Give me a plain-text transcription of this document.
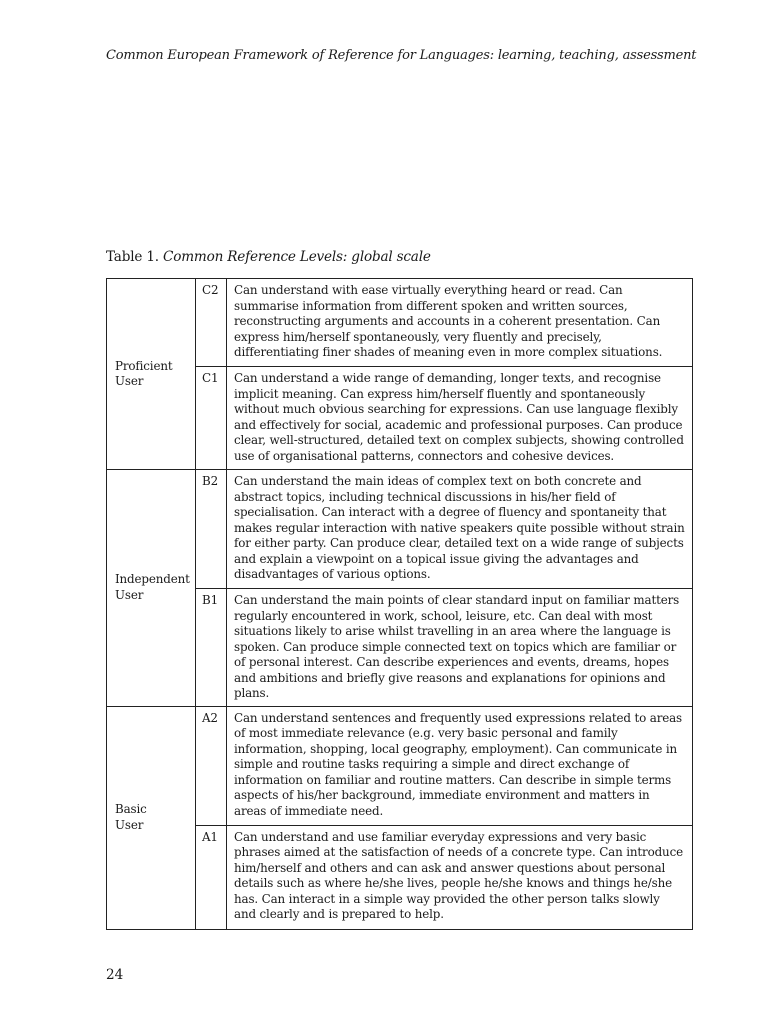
Common European Framework of Reference for Languages: learning, teaching, assessment
Table 1. Common Reference Levels: global scale
Proficient
User	C2	Can understand with ease virtually everything heard or read. Can summarise information from different spoken and written sources, reconstructing arguments and accounts in a coherent presentation. Can express him/herself spontaneously, very fluently and precisely, differentiating finer shades of meaning even in more complex situations.
	C1	Can understand a wide range of demanding, longer texts, and recognise implicit meaning. Can express him/herself fluently and spontaneously without much obvious searching for expressions. Can use language flexibly and effectively for social, academic and professional purposes. Can produce clear, well-structured, detailed text on complex subjects, showing controlled use of organisational patterns, connectors and cohesive devices.

Independent
User	B2	Can understand the main ideas of complex text on both concrete and abstract topics, including technical discussions in his/her field of specialisation. Can interact with a degree of fluency and spontaneity that makes regular interaction with native speakers quite possible without strain for either party. Can produce clear, detailed text on a wide range of subjects and explain a viewpoint on a topical issue giving the advantages and disadvantages of various options.
	B1	Can understand the main points of clear standard input on familiar matters regularly encountered in work, school, leisure, etc. Can deal with most situations likely to arise whilst travelling in an area where the language is spoken. Can produce simple connected text on topics which are familiar or of personal interest. Can describe experiences and events, dreams, hopes and ambitions and briefly give reasons and explanations for opinions and plans.

Basic
User	A2	Can understand sentences and frequently used expressions related to areas of most immediate relevance (e.g. very basic personal and family information, shopping, local geography, employment). Can communicate in simple and routine tasks requiring a simple and direct exchange of information on familiar and routine matters. Can describe in simple terms aspects of his/her background, immediate environment and matters in areas of immediate need.
	A1	Can understand and use familiar everyday expressions and very basic phrases aimed at the satisfaction of needs of a concrete type. Can introduce him/herself and others and can ask and answer questions about personal details such as where he/she lives, people he/she knows and things he/she has. Can interact in a simple way provided the other person talks slowly and clearly and is prepared to help.
24
